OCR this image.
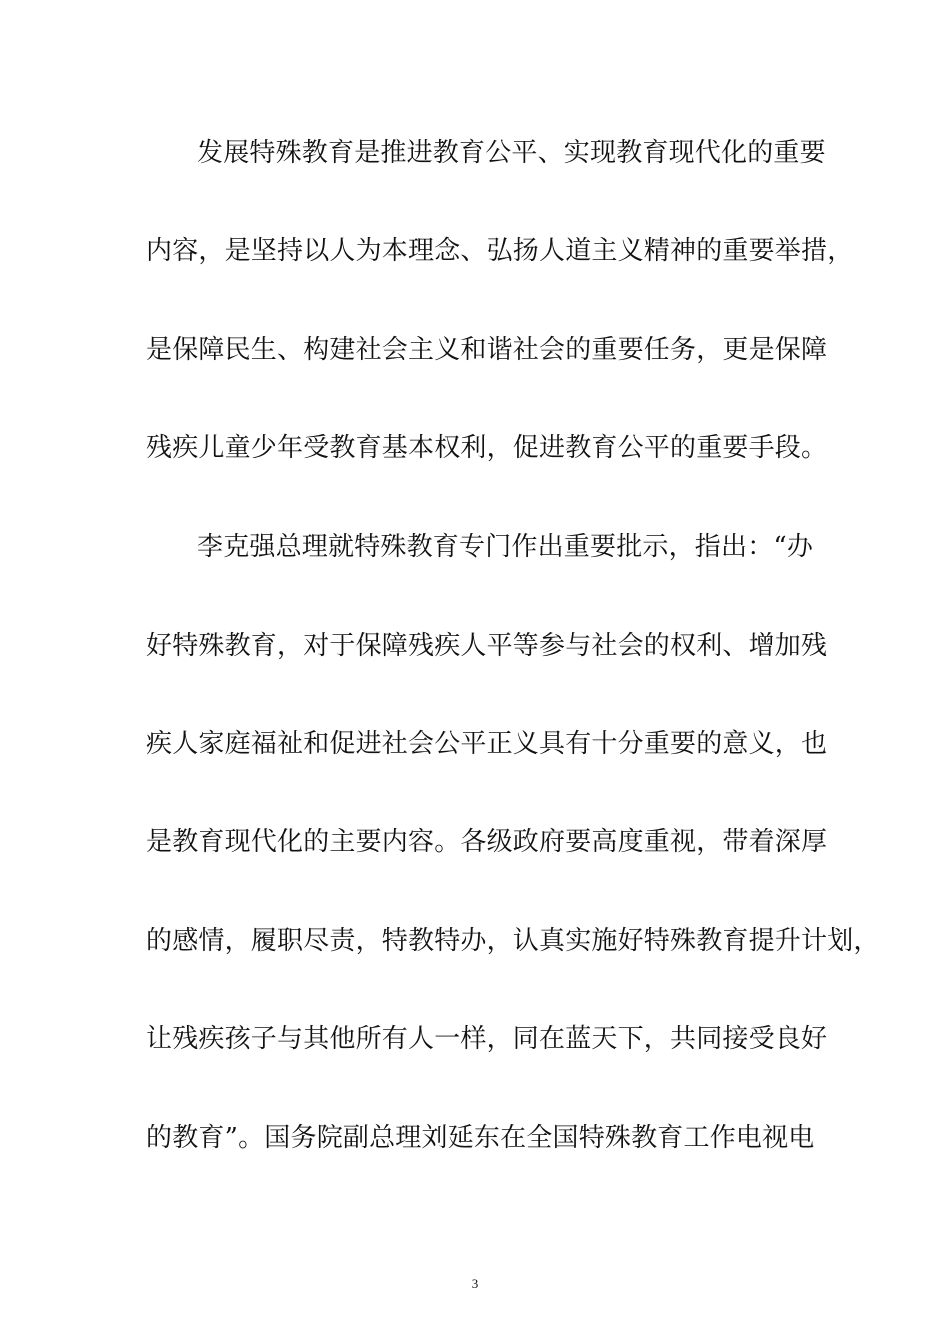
发展特殊教育是推进教育公平、实现教育现代化的重要
内容，是坚持以人为本理念、弘扬人道主义精神的重要举措，
是保障民生、构建社会主义和谐社会的重要任务，更是保障
残疾儿童少年受教育基本权利，促进教育公平的重要手段。
李克强总理就特殊教育专门作出重要批示，指出：“办
好特殊教育，对于保障残疾人平等参与社会的权利、增加残
疾人家庭福祉和促进社会公平正义具有十分重要的意义，也
是教育现代化的主要内容。各级政府要高度重视，带着深厚
的感情，履职尽责，特教特办，认真实施好特殊教育提升计划，
让残疾孩子与其他所有人一样，同在蓝天下，共同接受良好
的教育”。国务院副总理刘延东在全国特殊教育工作电视电
3
